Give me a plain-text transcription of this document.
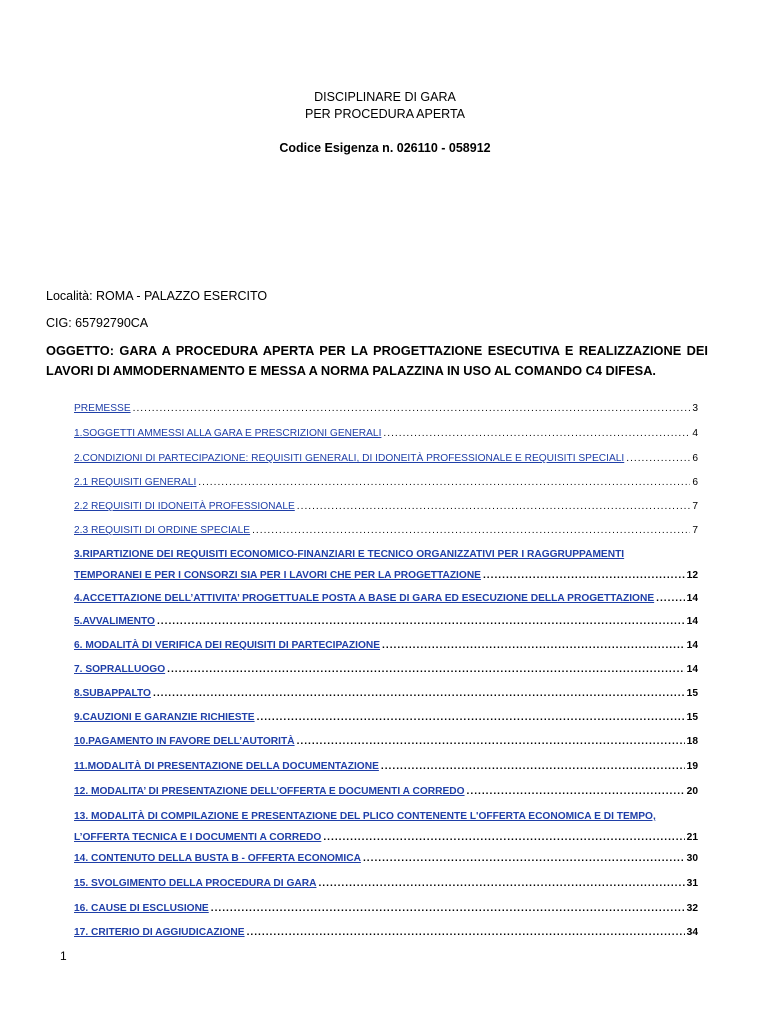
DISCIPLINARE DI GARA
PER PROCEDURA APERTA
Codice Esigenza n. 026110 - 058912
Località: ROMA - PALAZZO ESERCITO
CIG: 65792790CA
OGGETTO: GARA A PROCEDURA APERTA PER LA PROGETTAZIONE ESECUTIVA E REALIZZAZIONE DEI LAVORI DI AMMODERNAMENTO E MESSA A NORMA PALAZZINA IN USO AL COMANDO C4 DIFESA.
PREMESSE .....	3
1. SOGGETTI AMMESSI ALLA GARA E PRESCRIZIONI GENERALI .....	4
2. CONDIZIONI DI PARTECIPAZIONE: REQUISITI GENERALI, DI IDONEITÀ PROFESSIONALE E REQUISITI SPECIALI .....	6
2.1 REQUISITI GENERALI .....	6
2.2 REQUISITI DI IDONEITÀ PROFESSIONALE .....	7
2.3 REQUISITI DI ORDINE SPECIALE .....	7
3.RIPARTIZIONE DEI REQUISITI ECONOMICO-FINANZIARI E TECNICO ORGANIZZATIVI PER I RAGGRUPPAMENTI
TEMPORANEI E PER I CONSORZI SIA PER I LAVORI CHE PER LA PROGETTAZIONE .....	12
4.ACCETTAZIONE DELL’ATTIVITA’ PROGETTUALE POSTA A BASE DI GARA ED ESECUZIONE DELLA PROGETTAZIONE .....	14
5.AVVALIMENTO .....	14
6. MODALITÀ DI VERIFICA DEI REQUISITI DI PARTECIPAZIONE .....	14
7. SOPRALLUOGO .....	14
8.SUBAPPALTO .....	15
9.CAUZIONI E GARANZIE RICHIESTE .....	15
10.PAGAMENTO IN FAVORE DELL’AUTORITÀ .....	18
11.MODALITÀ DI PRESENTAZIONE DELLA DOCUMENTAZIONE .....	19
12. MODALITA’ DI PRESENTAZIONE DELL’OFFERTA E DOCUMENTI A CORREDO .....	20
13. MODALITÀ DI COMPILAZIONE E PRESENTAZIONE DEL PLICO CONTENENTE L'OFFERTA ECONOMICA E DI TEMPO,
L’OFFERTA TECNICA E I DOCUMENTI A CORREDO .....	21
14. CONTENUTO DELLA BUSTA B - OFFERTA ECONOMICA .....	30
15. SVOLGIMENTO DELLA PROCEDURA DI GARA .....	31
16. CAUSE DI ESCLUSIONE .....	32
17. CRITERIO DI AGGIUDICAZIONE .....	34
1
